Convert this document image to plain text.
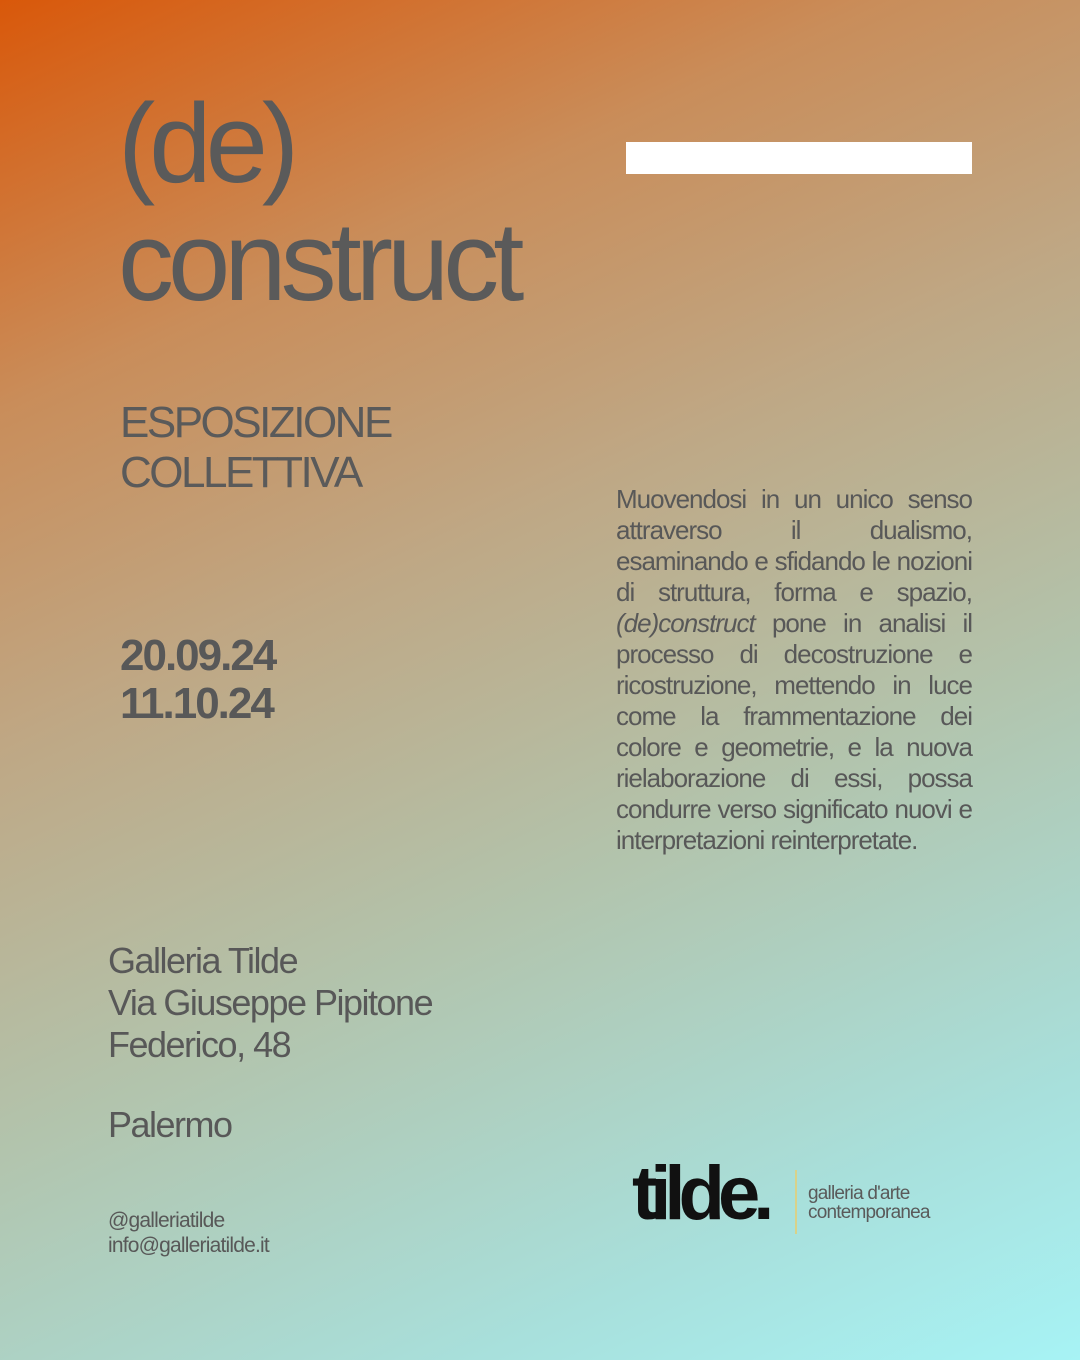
(de)
construct
ESPOSIZIONE
COLLETTIVA
20.09.24
11.10.24

Muovendosi in un unico senso attraverso il dualismo, esaminando e sfidando le nozioni di struttura, forma e spazio, (de)construct pone in analisi il processo di decostruzione e ricostruzione, mettendo in luce come la frammentazione dei colore e geometrie, e la nuova rielaborazione di essi, possa condurre verso significato nuovi e interpretazioni reinterpretate.

Galleria Tilde
Via Giuseppe Pipitone
Federico, 48
Palermo
@galleriatilde
info@galleriatilde.it
tilde. galleria d'arte
contemporanea
